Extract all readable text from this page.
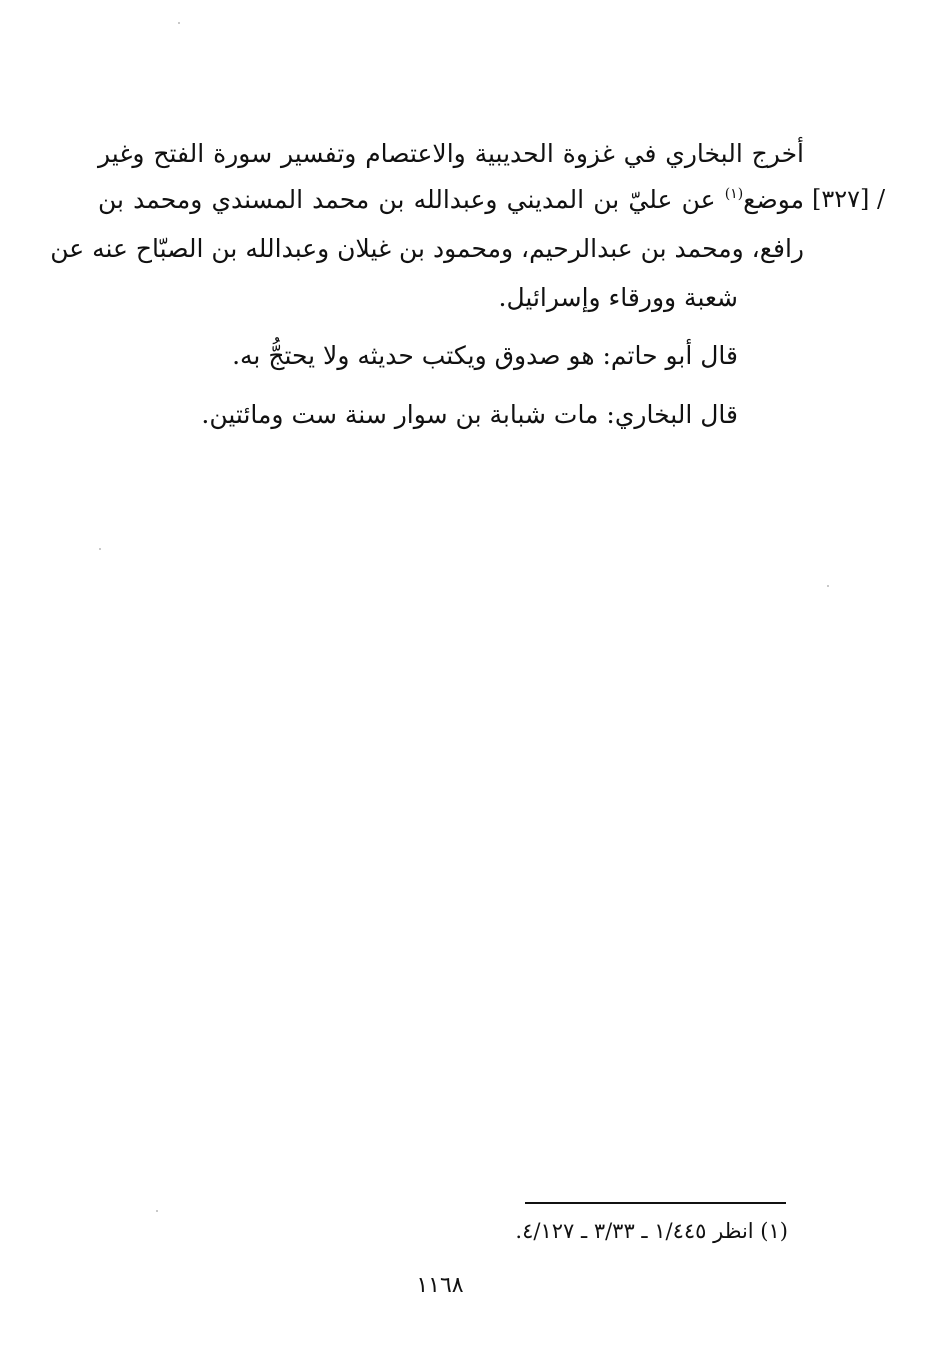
أخرج البخاري في غزوة الحديبية والاعتصام وتفسير سورة الفتح وغير
موضع$^{(١)}$ عن عليّ بن المديني وعبدالله بن محمد المسندي ومحمد بن	[٣٢٧] /
رافع، ومحمد بن عبدالرحيم، ومحمود بن غيلان وعبدالله بن الصبّاح عنه عن
شعبة وورقاء وإسرائيل.
قال أبو حاتم: هو صدوق ويكتب حديثه ولا يحتجُّ به.
قال البخاري: مات شبابة بن سوار سنة ست ومائتين.
(١) انظر ١/٤٤٥ ـ ٣/٣٣ ـ ٤/١٢٧.
١١٦٨
